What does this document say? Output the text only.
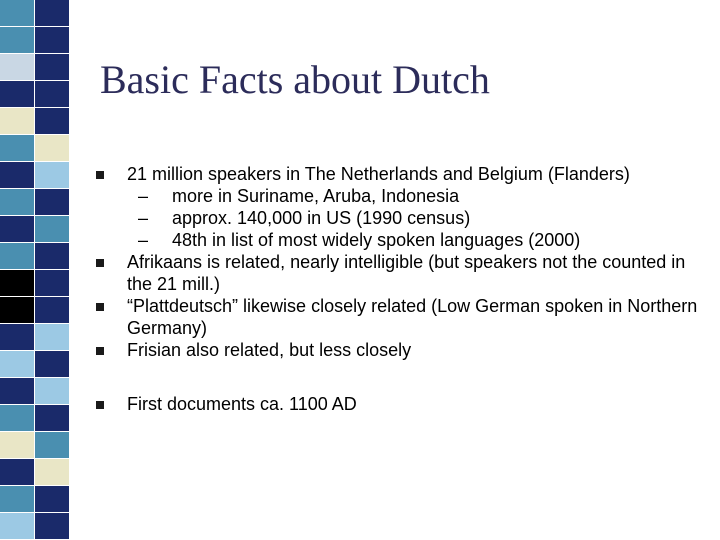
Basic Facts about Dutch
21 million speakers in The Netherlands and Belgium (Flanders)
– more in Suriname, Aruba, Indonesia
– approx. 140,000 in US (1990 census)
– 48th in list of most widely spoken languages (2000)
Afrikaans is related, nearly intelligible (but speakers not the counted in the 21 mill.)
“Plattdeutsch” likewise closely related (Low German spoken in Northern Germany)
Frisian also related, but less closely
First documents ca. 1100 AD
